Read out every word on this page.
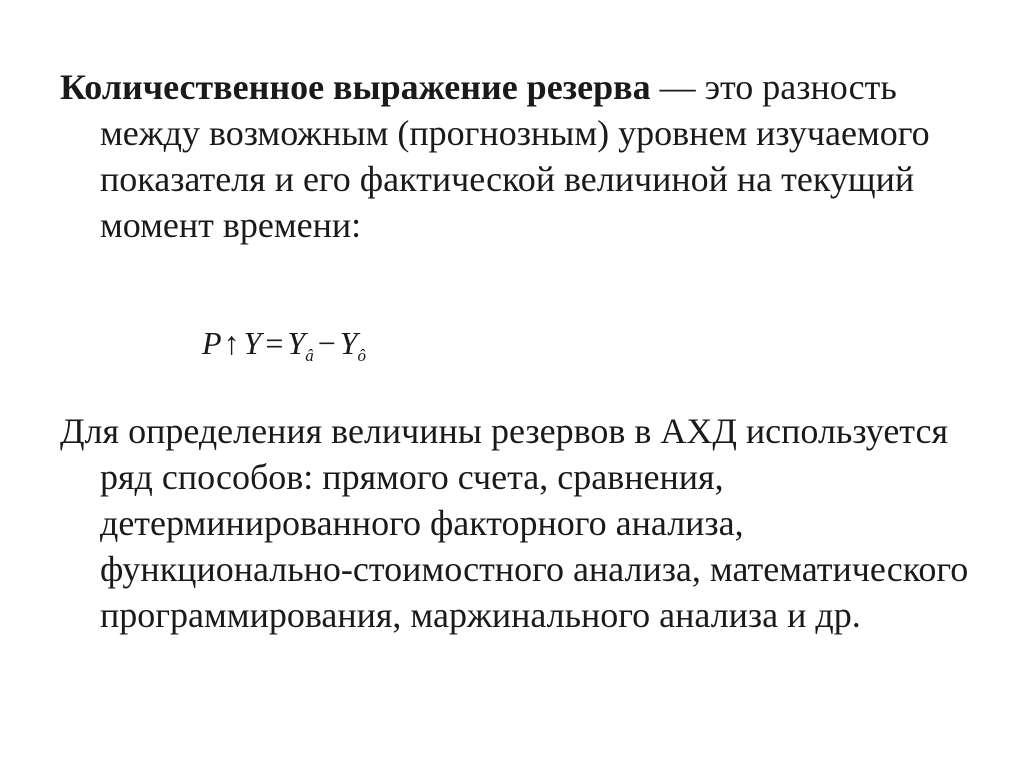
Количественное выражение резерва — это разность между возможным (прогнозным) уровнем изучаемого показателя и его фактической величиной на текущий момент времени:

P↑ $Y = Y_â - Y_ô$

Для определения величины резервов в АХД используется ряд способов: прямого счета, сравнения, детерминированного факторного анализа, функционально-стоимостного анализа, математического программирования, маржинального анализа и др.
